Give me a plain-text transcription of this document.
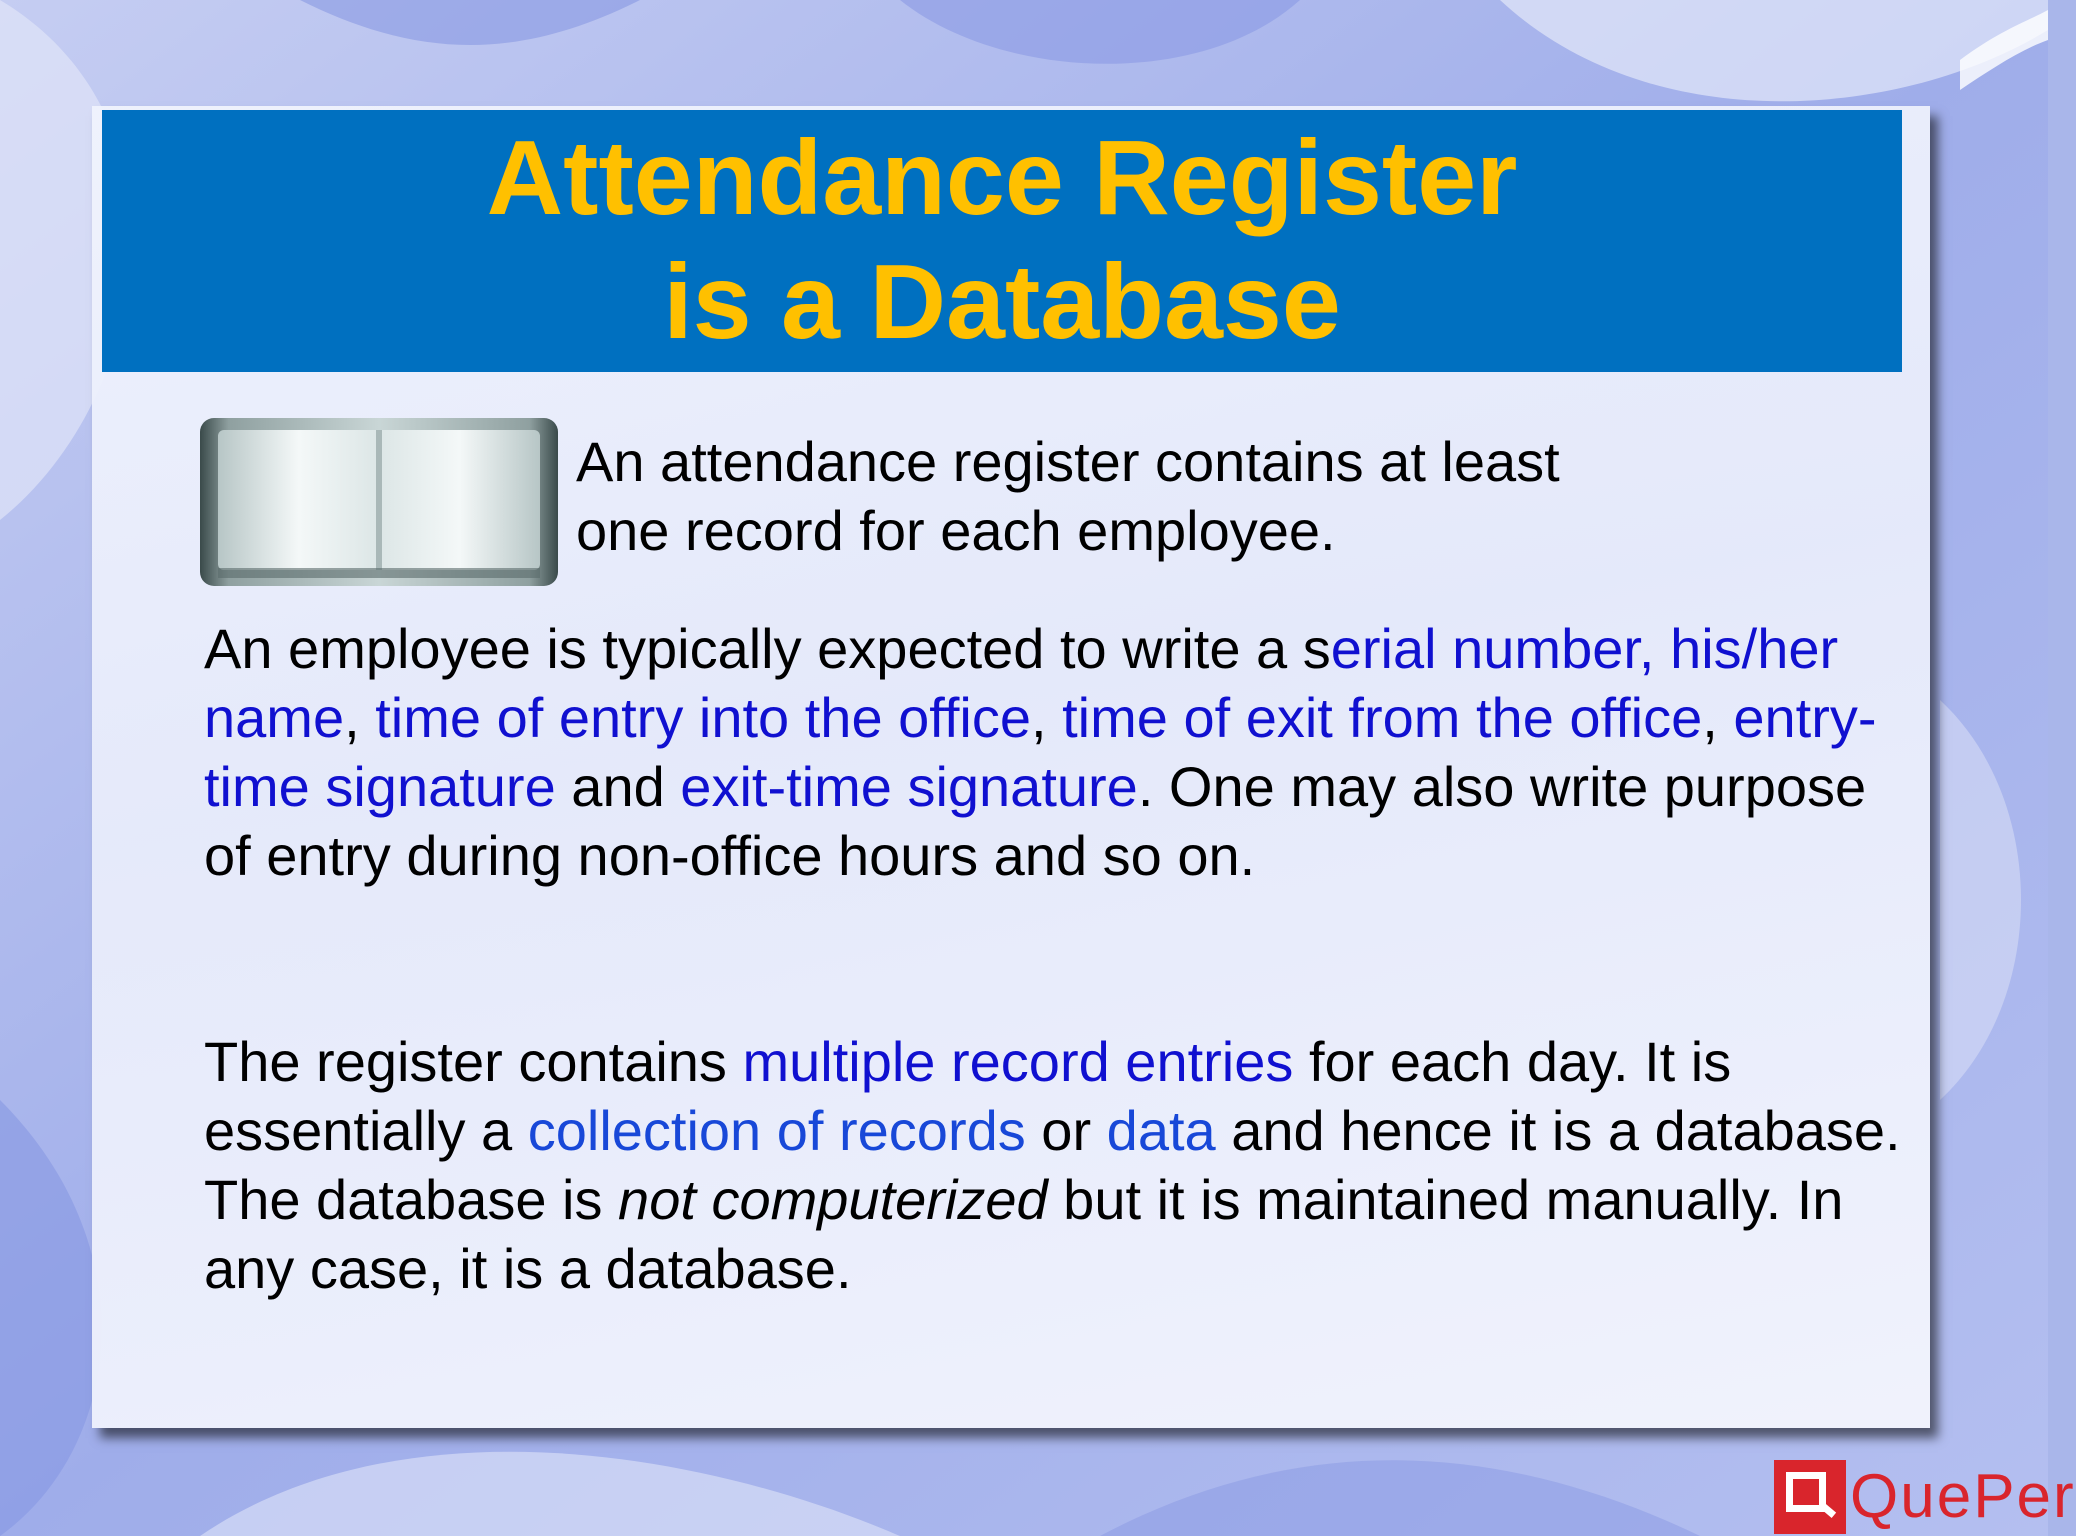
Attendance Register
is a Database
An attendance register contains at least
one record for each employee.
An employee is typically expected to write a serial number, his/her name, time of entry into the office, time of exit from the office, entry-time signature and exit-time signature. One may also write purpose of entry during non-office hours and so on.
The register contains multiple record entries for each day. It is essentially a collection of records or data and hence it is a database. The database is not computerized but it is maintained manually. In any case, it is a database.
QuePer
